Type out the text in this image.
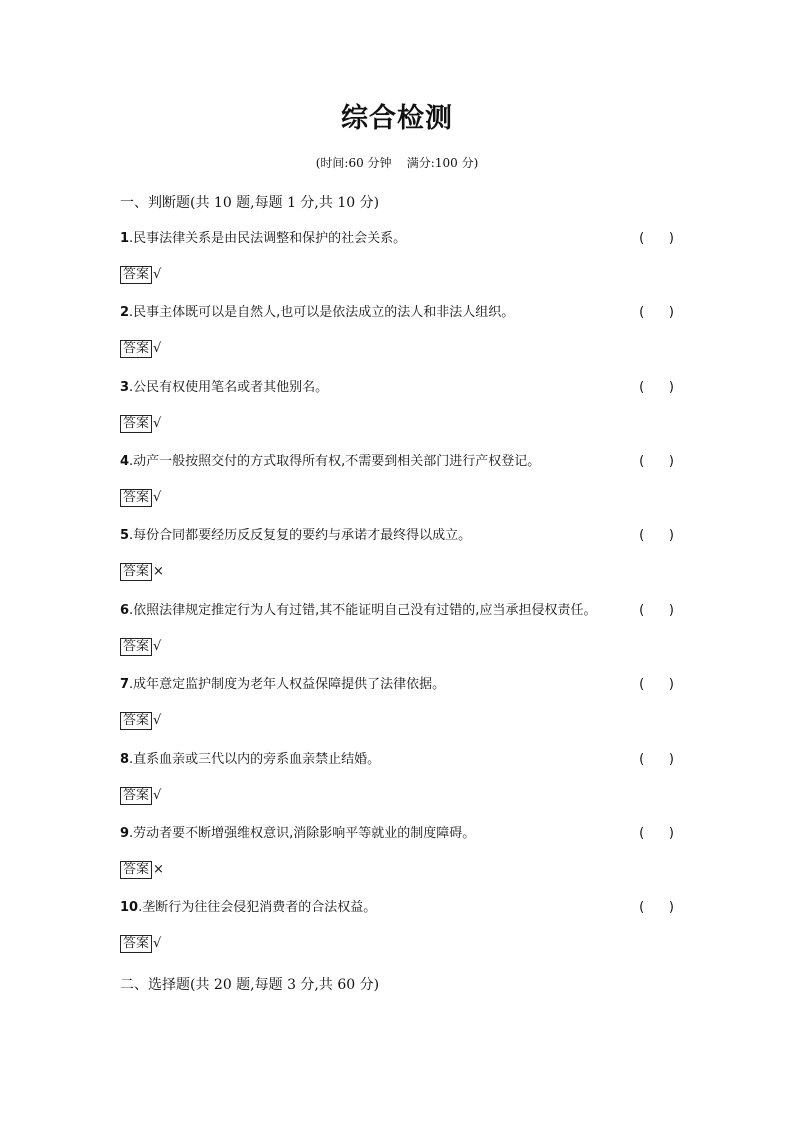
综合检测
(时间:60 分钟    满分:100 分)
一、判断题(共 10 题,每题 1 分,共 10 分)
1.民事法律关系是由民法调整和保护的社会关系。	(      )
答案 √
2.民事主体既可以是自然人,也可以是依法成立的法人和非法人组织。	(      )
答案 √
3.公民有权使用笔名或者其他别名。	(      )
答案 √
4.动产一般按照交付的方式取得所有权,不需要到相关部门进行产权登记。	(      )
答案 √
5.每份合同都要经历反反复复的要约与承诺才最终得以成立。	(      )
答案 ×
6.依照法律规定推定行为人有过错,其不能证明自己没有过错的,应当承担侵权责任。	(      )
答案 √
7.成年意定监护制度为老年人权益保障提供了法律依据。	(      )
答案 √
8.直系血亲或三代以内的旁系血亲禁止结婚。	(      )
答案 √
9.劳动者要不断增强维权意识,消除影响平等就业的制度障碍。	(      )
答案 ×
10.垄断行为往往会侵犯消费者的合法权益。	(      )
答案 √
二、选择题(共 20 题,每题 3 分,共 60 分)
